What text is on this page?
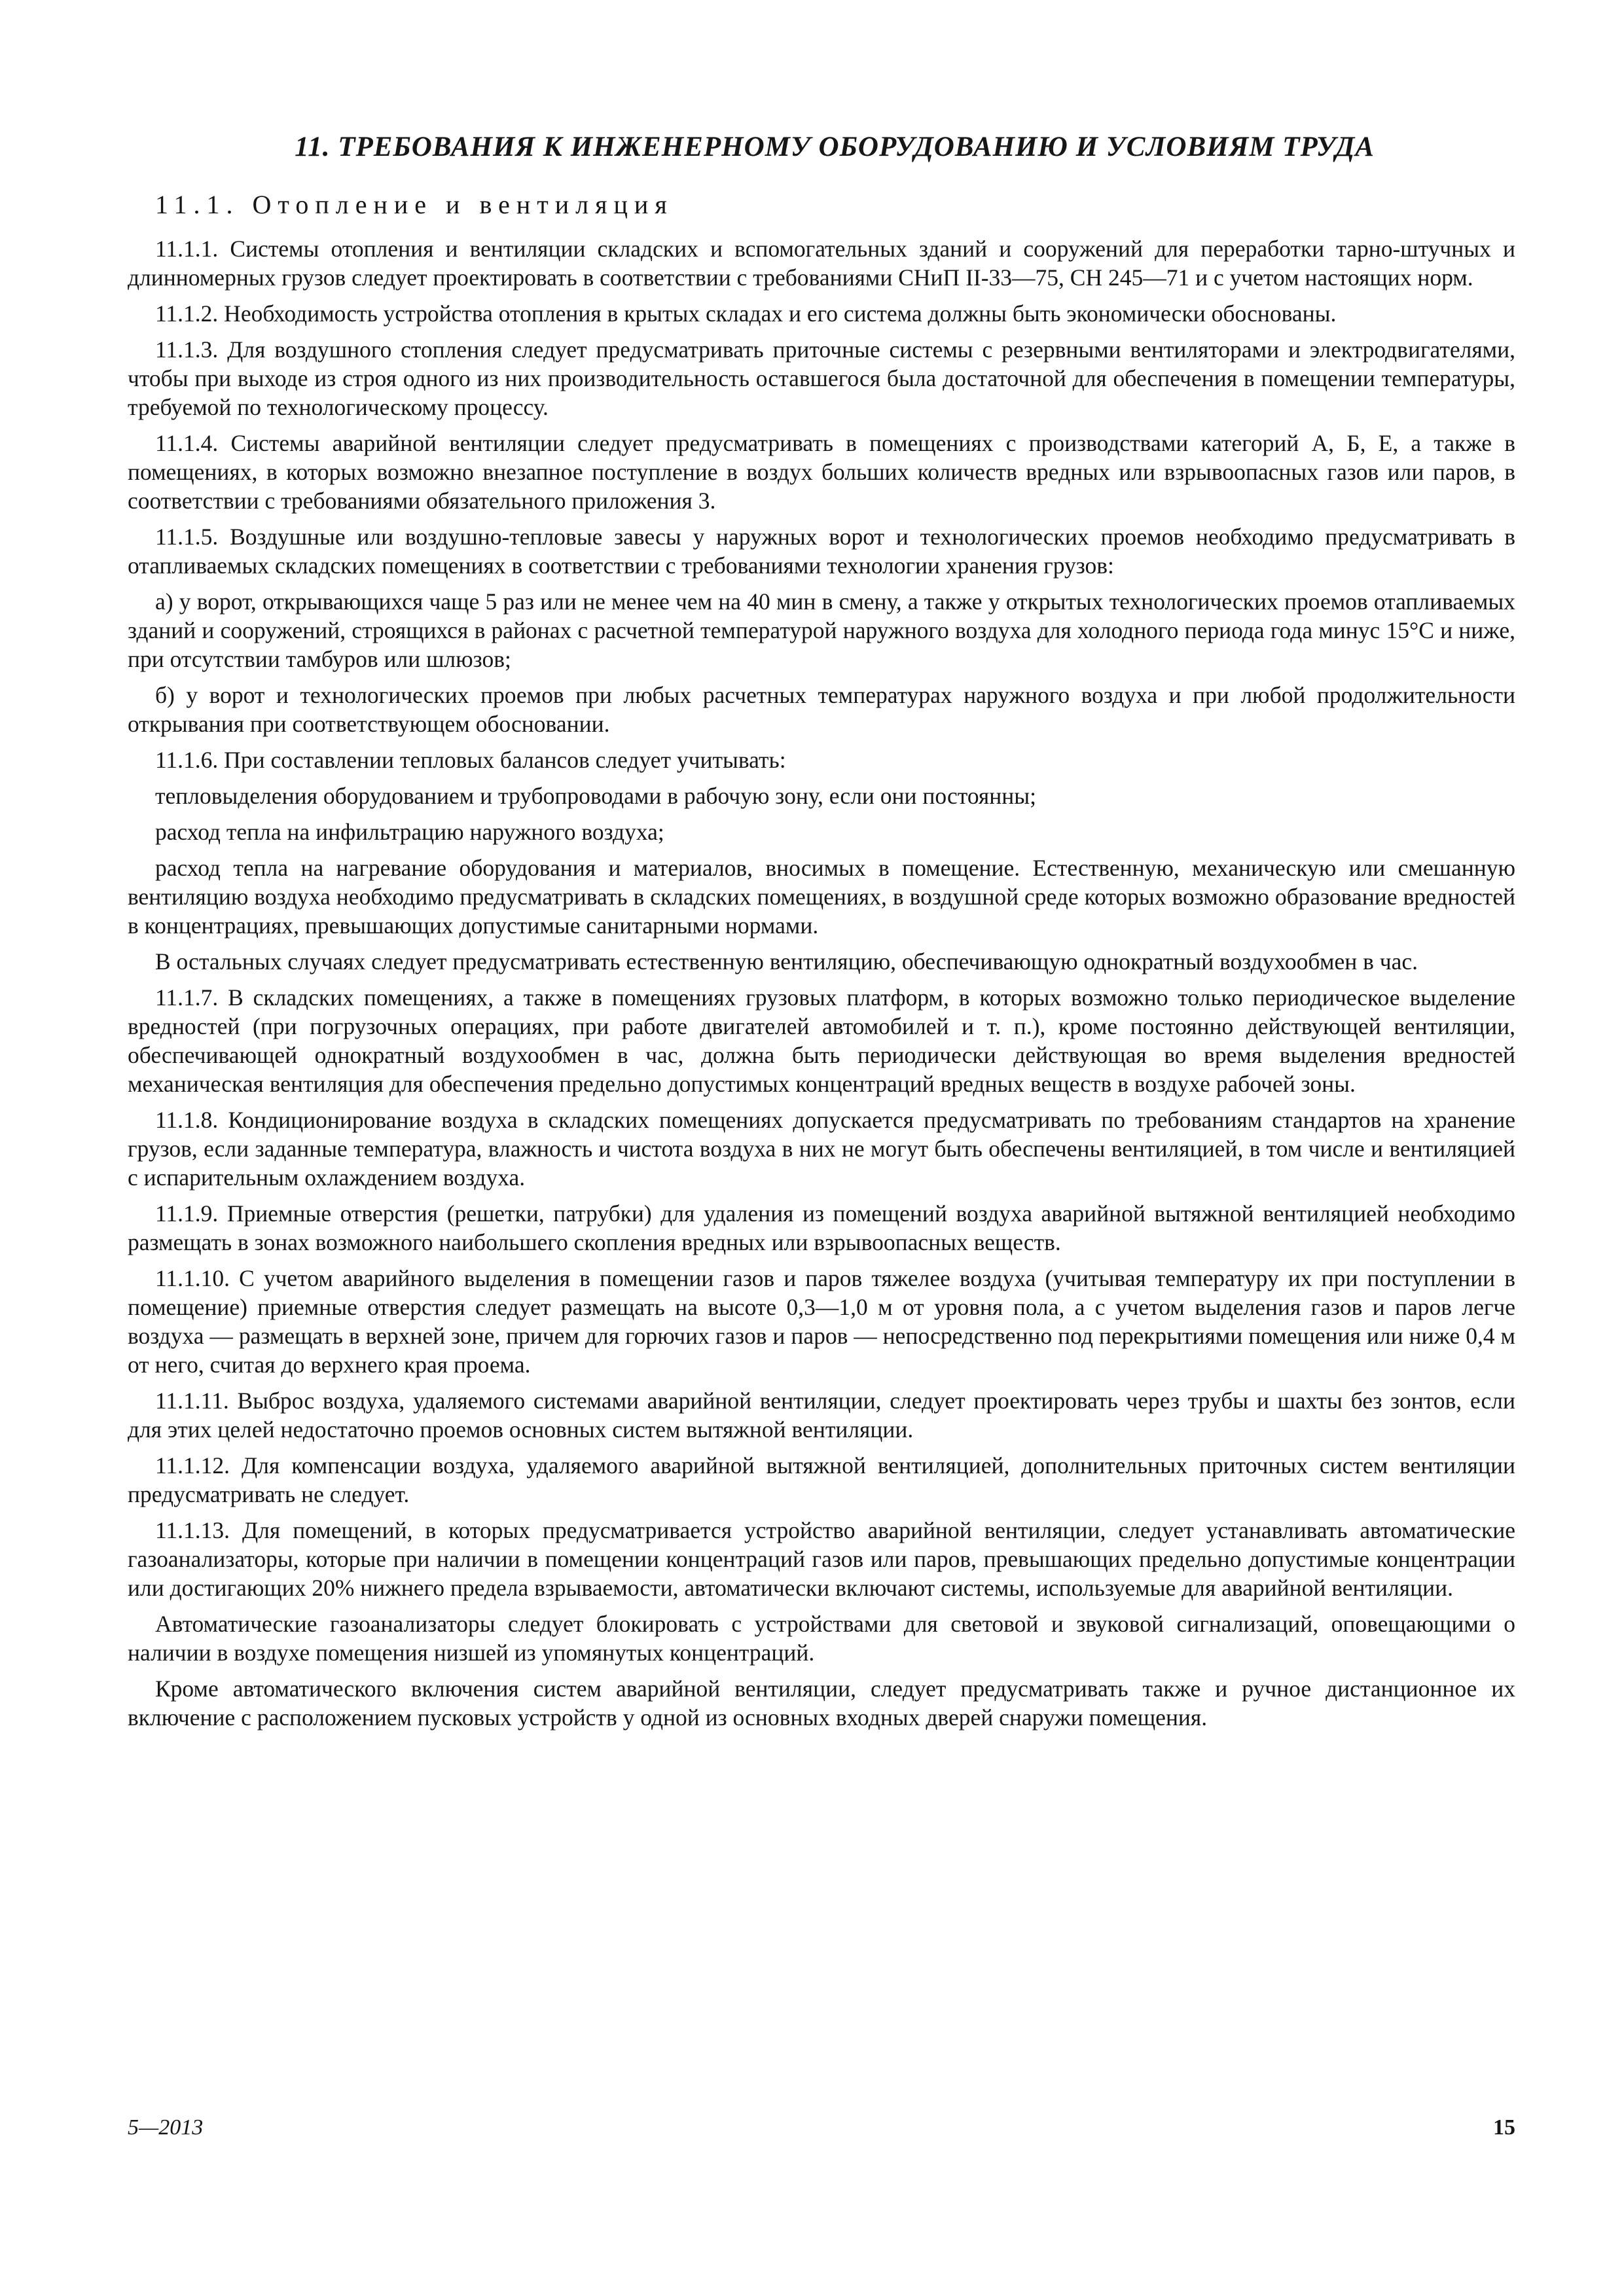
11. ТРЕБОВАНИЯ К ИНЖЕНЕРНОМУ ОБОРУДОВАНИЮ И УСЛОВИЯМ ТРУДА
11.1. Отопление и вентиляция

11.1.1. Системы отопления и вентиляции складских и вспомогательных зданий и сооружений для переработки тарно-штучных и длинномерных грузов следует проектировать в соответствии с требованиями СНиП II-33—75, СН 245—71 и с учетом настоящих норм.

11.1.2. Необходимость устройства отопления в крытых складах и его система должны быть экономически обоснованы.

11.1.3. Для воздушного стопления следует предусматривать приточные системы с резервными вентиляторами и электродвигателями, чтобы при выходе из строя одного из них производительность оставшегося была достаточной для обеспечения в помещении температуры, требуемой по технологическому процессу.

11.1.4. Системы аварийной вентиляции следует предусматривать в помещениях с производствами категорий А, Б, Е, а также в помещениях, в которых возможно внезапное поступление в воздух больших количеств вредных или взрывоопасных газов или паров, в соответствии с требованиями обязательного приложения 3.

11.1.5. Воздушные или воздушно-тепловые завесы у наружных ворот и технологических проемов необходимо предусматривать в отапливаемых складских помещениях в соответствии с требованиями технологии хранения грузов:

а) у ворот, открывающихся чаще 5 раз или не менее чем на 40 мин в смену, а также у открытых технологических проемов отапливаемых зданий и сооружений, строящихся в районах с расчетной температурой наружного воздуха для холодного периода года минус 15°С и ниже, при отсутствии тамбуров или шлюзов;

б) у ворот и технологических проемов при любых расчетных температурах наружного воздуха и при любой продолжительности открывания при соответствующем обосновании.

11.1.6. При составлении тепловых балансов следует учитывать:

тепловыделения оборудованием и трубопроводами в рабочую зону, если они постоянны;

расход тепла на инфильтрацию наружного воздуха;

расход тепла на нагревание оборудования и материалов, вносимых в помещение. Естественную, механическую или смешанную вентиляцию воздуха необходимо предусматривать в складских помещениях, в воздушной среде которых возможно образование вредностей в концентрациях, превышающих допустимые санитарными нормами.

В остальных случаях следует предусматривать естественную вентиляцию, обеспечивающую однократный воздухообмен в час.

11.1.7. В складских помещениях, а также в помещениях грузовых платформ, в которых возможно только периодическое выделение вредностей (при погрузочных операциях, при работе двигателей автомобилей и т. п.), кроме постоянно действующей вентиляции, обеспечивающей однократный воздухообмен в час, должна быть периодически действующая во время выделения вредностей механическая вентиляция для обеспечения предельно допустимых концентраций вредных веществ в воздухе рабочей зоны.

11.1.8. Кондиционирование воздуха в складских помещениях допускается предусматривать по требованиям стандартов на хранение грузов, если заданные температура, влажность и чистота воздуха в них не могут быть обеспечены вентиляцией, в том числе и вентиляцией с испарительным охлаждением воздуха.

11.1.9. Приемные отверстия (решетки, патрубки) для удаления из помещений воздуха аварийной вытяжной вентиляцией необходимо размещать в зонах возможного наибольшего скопления вредных или взрывоопасных веществ.

11.1.10. С учетом аварийного выделения в помещении газов и паров тяжелее воздуха (учитывая температуру их при поступлении в помещение) приемные отверстия следует размещать на высоте 0,3—1,0 м от уровня пола, а с учетом выделения газов и паров легче воздуха — размещать в верхней зоне, причем для горючих газов и паров — непосредственно под перекрытиями помещения или ниже 0,4 м от него, считая до верхнего края проема.

11.1.11. Выброс воздуха, удаляемого системами аварийной вентиляции, следует проектировать через трубы и шахты без зонтов, если для этих целей недостаточно проемов основных систем вытяжной вентиляции.

11.1.12. Для компенсации воздуха, удаляемого аварийной вытяжной вентиляцией, дополнительных приточных систем вентиляции предусматривать не следует.

11.1.13. Для помещений, в которых предусматривается устройство аварийной вентиляции, следует устанавливать автоматические газоанализаторы, которые при наличии в помещении концентраций газов или паров, превышающих предельно допустимые концентрации или достигающих 20% нижнего предела взрываемости, автоматически включают системы, используемые для аварийной вентиляции.

Автоматические газоанализаторы следует блокировать с устройствами для световой и звуковой сигнализаций, оповещающими о наличии в воздухе помещения низшей из упомянутых концентраций.

Кроме автоматического включения систем аварийной вентиляции, следует предусматривать также и ручное дистанционное их включение с расположением пусковых устройств у одной из основных входных дверей снаружи помещения.

5—2013	15
